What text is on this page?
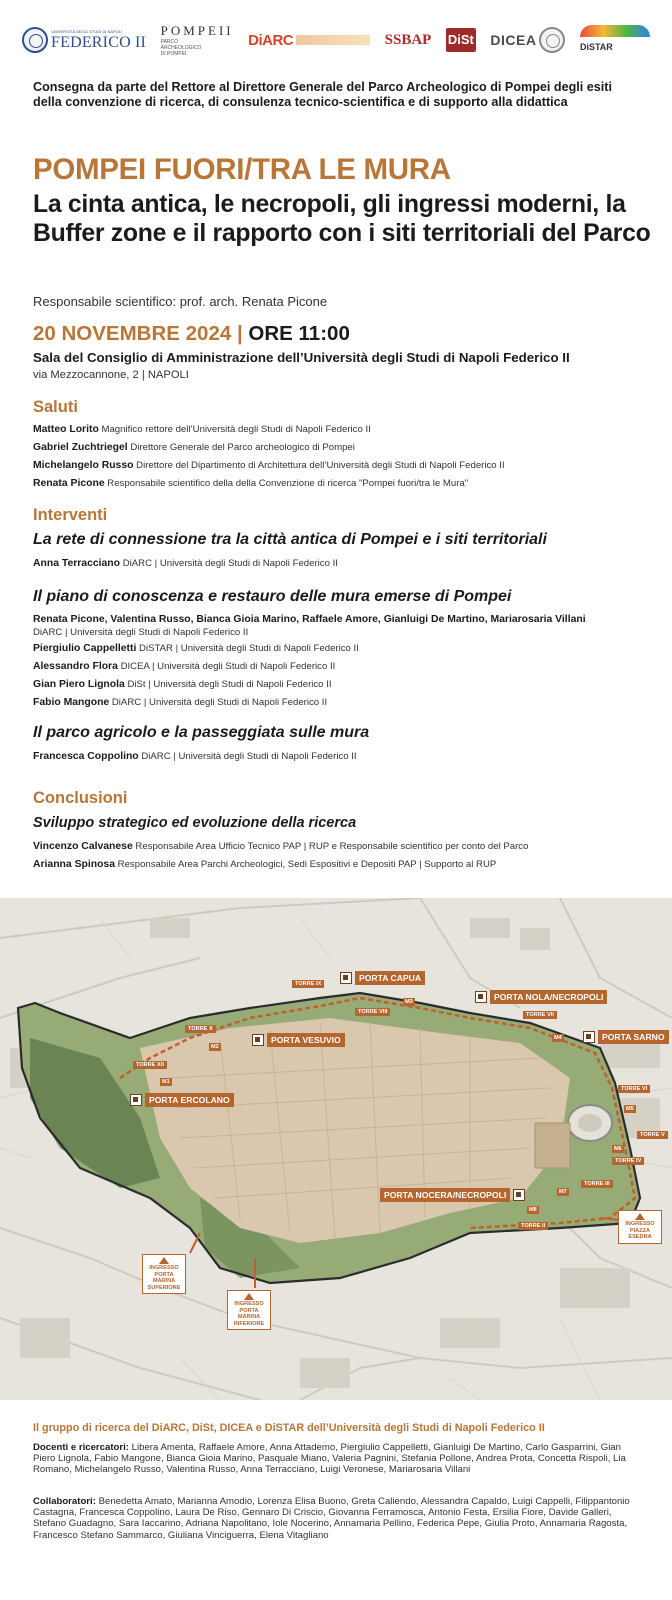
UNIVERSITÀ DEGLI STUDI DI NAPOLI
FEDERICO II
POMPEII
PARCO
ARCHEOLOGICO
DI POMPEI
DiARC	SSBAP DiSt DICEA	DiSTAR
Consegna da parte del Rettore al Direttore Generale del Parco Archeologico di Pompei degli esiti della convenzione di ricerca, di consulenza tecnico-scientifica e di supporto alla didattica
POMPEI FUORI/TRA LE MURA
La cinta antica, le necropoli, gli ingressi moderni, la Buffer zone e il rapporto con i siti territoriali del Parco
Responsabile scientifico: prof. arch. Renata Picone
20 NOVEMBRE 2024 | ORE 11:00
Sala del Consiglio di Amministrazione dell’Università degli Studi di Napoli Federico II
via Mezzocannone, 2 | NAPOLI
Saluti
Matteo Lorito Magnifico rettore dell’Università degli Studi di Napoli Federico II
Gabriel Zuchtriegel Direttore Generale del Parco archeologico di Pompei
Michelangelo Russo Direttore del Dipartimento di Architettura dell’Università degli Studi di Napoli Federico II
Renata Picone Responsabile scientifico della della Convenzione di ricerca "Pompei fuori/tra le Mura"
Interventi
La rete di connessione tra la città antica di Pompei e i siti territoriali
Anna Terracciano DiARC | Università degli Studi di Napoli Federico II
Il piano di conoscenza e restauro delle mura emerse di Pompei
Renata Picone, Valentina Russo, Bianca Gioia Marino, Raffaele Amore, Gianluigi De Martino, Mariarosaria Villani
DiARC | Università degli Studi di Napoli Federico II
Piergiulio Cappelletti DiSTAR | Università degli Studi di Napoli Federico II
Alessandro Flora DICEA | Università degli Studi di Napoli Federico II
Gian Piero Lignola DiSt | Università degli Studi di Napoli Federico II
Fabio Mangone DiARC | Università degli Studi di Napoli Federico II
Il parco agricolo e la passeggiata sulle mura
Francesca Coppolino DiARC | Università degli Studi di Napoli Federico II
Conclusioni
Sviluppo strategico ed evoluzione della ricerca
Vincenzo Calvanese Responsabile Area Ufficio Tecnico PAP | RUP e Responsabile scientifico per conto del Parco
Arianna Spinosa Responsabile Area Parchi Archeologici, Sedi Espositivi e Depositi PAP | Supporto al RUP
PORTA CAPUA
PORTA NOLA/NECROPOLI
PORTA SARNO
PORTA VESUVIO
PORTA ERCOLANO
PORTA NOCERA/NECROPOLI
TORRE IX
TORRE VIII	TORRE VII
TORRE X
TORRE XII
TORRE VI
TORRE V
TORRE IV
TORRE III
TORRE II
M1
M2
M3
M4
M5
M6
M7
M8
INGRESSO
PORTA
MARINA
SUPERIORE
INGRESSO
PORTA
MARINA
INFERIORE
INGRESSO
PIAZZA
ESEDRA
Il gruppo di ricerca del DiARC, DiSt, DICEA e DiSTAR dell’Università degli Studi di Napoli Federico II
Docenti e ricercatori: Libera Amenta, Raffaele Amore, Anna Attademo, Piergiulio Cappelletti, Gianluigi De Martino, Carlo Gasparrini, Gian Piero Lignola, Fabio Mangone, Bianca Gioia Marino, Pasquale Miano, Valeria Pagnini, Stefania Pollone, Andrea Prota, Concetta Rispoli, Lia Romano, Michelangelo Russo, Valentina Russo, Anna Terracciano, Luigi Veronese, Mariarosaria Villani
Collaboratori: Benedetta Amato, Marianna Amodio, Lorenza Elisa Buono, Greta Caliendo, Alessandra Capaldo, Luigi Cappelli, Filippantonio Castagna, Francesca Coppolino, Laura De Riso, Gennaro Di Criscio, Giovanna Ferramosca, Antonio Festa, Ersilia Fiore, Davide Galleri, Stefano Guadagno, Sara Iaccarino, Adriana Napolitano, Iole Nocerino, Annamaria Pellino, Federica Pepe, Giulia Proto, Annamaria Ragosta, Francesco Stefano Sammarco, Giuliana Vinciguerra, Elena Vitagliano
